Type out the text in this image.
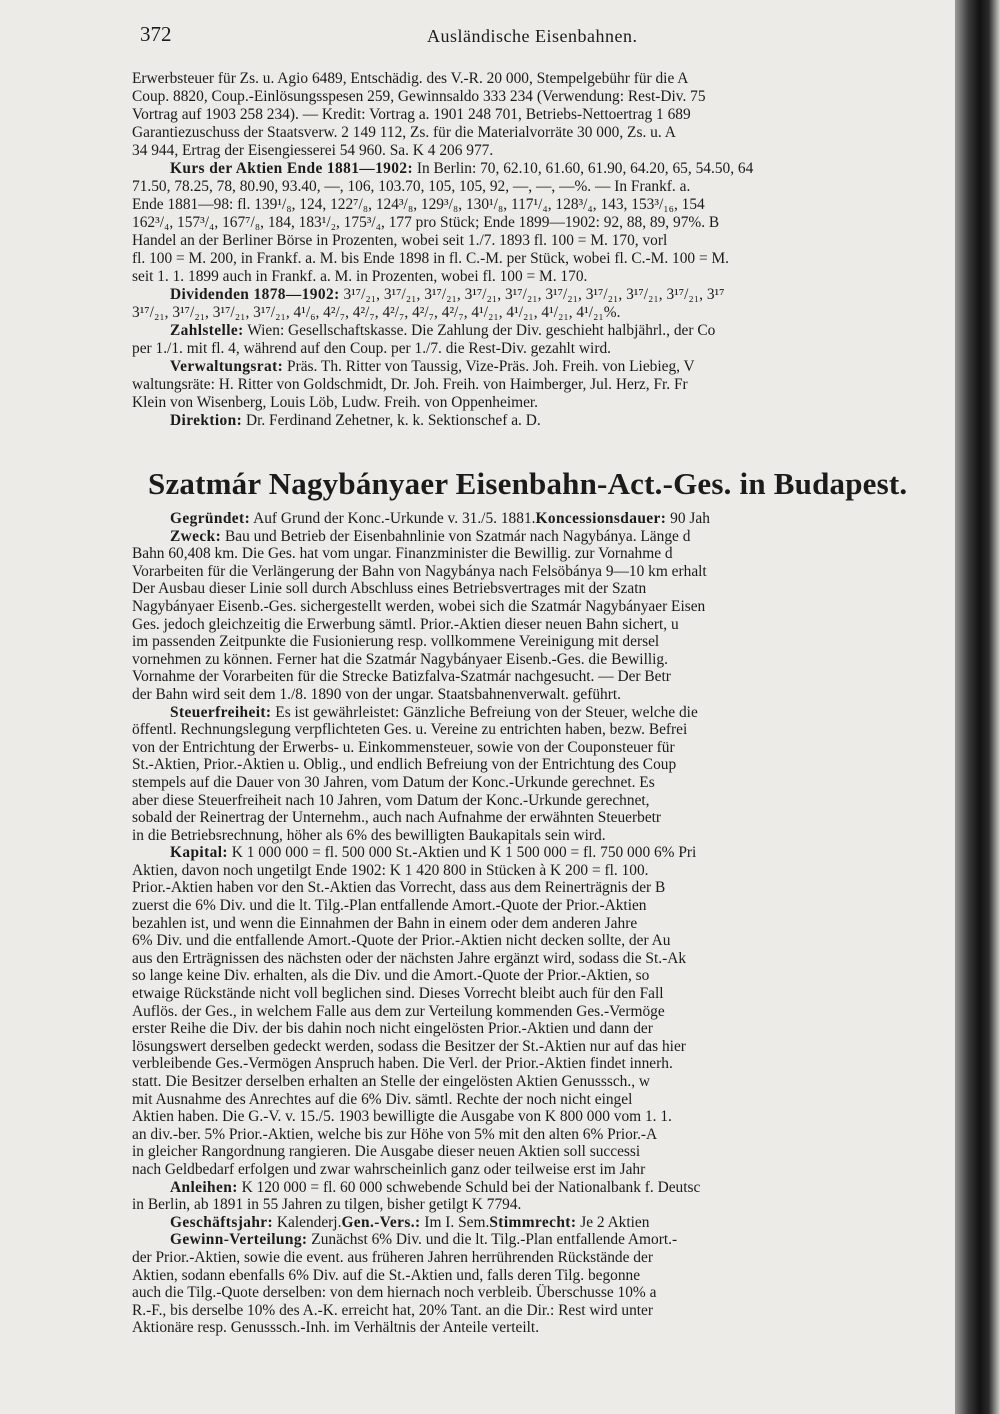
372	Ausländische Eisenbahnen.
Erwerbsteuer für Zs. u. Agio 6489, Entschädig. des V.-R. 20 000, Stempelgebühr für die A
Coup. 8820, Coup.-Einlösungsspesen 259, Gewinnsaldo 333 234 (Verwendung: Rest-Div. 75
Vortrag auf 1903 258 234). — Kredit: Vortrag a. 1901 248 701, Betriebs-Nettoertrag 1 689
Garantiezuschuss der Staatsverw. 2 149 112, Zs. für die Materialvorräte 30 000, Zs. u. A
34 944, Ertrag der Eisengiesserei 54 960. Sa. K 4 206 977.
Kurs der Aktien Ende 1881—1902: In Berlin: 70, 62.10, 61.60, 61.90, 64.20, 65, 54.50, 64
71.50, 78.25, 78, 80.90, 93.40, —, 106, 103.70, 105, 105, 92, —, —, —%. — In Frankf. a.
Ende 1881—98: fl. 139¹/₈, 124, 122⁷/₈, 124³/₈, 129³/₈, 130¹/₈, 117¹/₄, 128³/₄, 143, 153³/₁₆, 154
162³/₄, 157³/₄, 167⁷/₈, 184, 183¹/₂, 175³/₄, 177 pro Stück; Ende 1899—1902: 92, 88, 89, 97%. B
Handel an der Berliner Börse in Prozenten, wobei seit 1./7. 1893 fl. 100 = M. 170, vorl
fl. 100 = M. 200, in Frankf. a. M. bis Ende 1898 in fl. C.-M. per Stück, wobei fl. C.-M. 100 = M.
seit 1. 1. 1899 auch in Frankf. a. M. in Prozenten, wobei fl. 100 = M. 170.
Dividenden 1878—1902: 3¹⁷/₂₁, 3¹⁷/₂₁, 3¹⁷/₂₁, 3¹⁷/₂₁, 3¹⁷/₂₁, 3¹⁷/₂₁, 3¹⁷/₂₁, 3¹⁷/₂₁, 3¹⁷/₂₁, 3¹⁷
3¹⁷/₂₁, 3¹⁷/₂₁, 3¹⁷/₂₁, 3¹⁷/₂₁, 4¹/₆, 4²/₇, 4²/₇, 4²/₇, 4²/₇, 4²/₇, 4¹/₂₁, 4¹/₂₁, 4¹/₂₁, 4¹/₂₁%.
Zahlstelle: Wien: Gesellschaftskasse. Die Zahlung der Div. geschieht halbjährl., der Co
per 1./1. mit fl. 4, während auf den Coup. per 1./7. die Rest-Div. gezahlt wird.
Verwaltungsrat: Präs. Th. Ritter von Taussig, Vize-Präs. Joh. Freih. von Liebieg, V
waltungsräte: H. Ritter von Goldschmidt, Dr. Joh. Freih. von Haimberger, Jul. Herz, Fr. Fr
Klein von Wisenberg, Louis Löb, Ludw. Freih. von Oppenheimer.
Direktion: Dr. Ferdinand Zehetner, k. k. Sektionschef a. D.
Szatmár Nagybányaer Eisenbahn-Act.-Ges. in Budapest.
Gegründet: Auf Grund der Konc.-Urkunde v. 31./5. 1881.Koncessionsdauer: 90 Jah
Zweck: Bau und Betrieb der Eisenbahnlinie von Szatmár nach Nagybánya. Länge d
Bahn 60,408 km. Die Ges. hat vom ungar. Finanzminister die Bewillig. zur Vornahme d
Vorarbeiten für die Verlängerung der Bahn von Nagybánya nach Felsöbánya 9—10 km erhalt
Der Ausbau dieser Linie soll durch Abschluss eines Betriebsvertrages mit der Szatn
Nagybányaer Eisenb.-Ges. sichergestellt werden, wobei sich die Szatmár Nagybányaer Eisen
Ges. jedoch gleichzeitig die Erwerbung sämtl. Prior.-Aktien dieser neuen Bahn sichert, u
im passenden Zeitpunkte die Fusionierung resp. vollkommene Vereinigung mit dersel
vornehmen zu können. Ferner hat die Szatmár Nagybányaer Eisenb.-Ges. die Bewillig.
Vornahme der Vorarbeiten für die Strecke Batizfalva-Szatmár nachgesucht. — Der Betr
der Bahn wird seit dem 1./8. 1890 von der ungar. Staatsbahnenverwalt. geführt.
Steuerfreiheit: Es ist gewährleistet: Gänzliche Befreiung von der Steuer, welche die
öffentl. Rechnungslegung verpflichteten Ges. u. Vereine zu entrichten haben, bezw. Befrei
von der Entrichtung der Erwerbs- u. Einkommensteuer, sowie von der Couponsteuer für
St.-Aktien, Prior.-Aktien u. Oblig., und endlich Befreiung von der Entrichtung des Coup
stempels auf die Dauer von 30 Jahren, vom Datum der Konc.-Urkunde gerechnet. Es
aber diese Steuerfreiheit nach 10 Jahren, vom Datum der Konc.-Urkunde gerechnet,
sobald der Reinertrag der Unternehm., auch nach Aufnahme der erwähnten Steuerbetr
in die Betriebsrechnung, höher als 6% des bewilligten Baukapitals sein wird.
Kapital: K 1 000 000 = fl. 500 000 St.-Aktien und K 1 500 000 = fl. 750 000 6% Pri
Aktien, davon noch ungetilgt Ende 1902: K 1 420 800 in Stücken à K 200 = fl. 100.
Prior.-Aktien haben vor den St.-Aktien das Vorrecht, dass aus dem Reinerträgnis der B
zuerst die 6% Div. und die lt. Tilg.-Plan entfallende Amort.-Quote der Prior.-Aktien
bezahlen ist, und wenn die Einnahmen der Bahn in einem oder dem anderen Jahre
6% Div. und die entfallende Amort.-Quote der Prior.-Aktien nicht decken sollte, der Au
aus den Erträgnissen des nächsten oder der nächsten Jahre ergänzt wird, sodass die St.-Ak
so lange keine Div. erhalten, als die Div. und die Amort.-Quote der Prior.-Aktien, so
etwaige Rückstände nicht voll beglichen sind. Dieses Vorrecht bleibt auch für den Fall
Auflös. der Ges., in welchem Falle aus dem zur Verteilung kommenden Ges.-Vermöge
erster Reihe die Div. der bis dahin noch nicht eingelösten Prior.-Aktien und dann der
lösungswert derselben gedeckt werden, sodass die Besitzer der St.-Aktien nur auf das hier
verbleibende Ges.-Vermögen Anspruch haben. Die Verl. der Prior.-Aktien findet innerh.
statt. Die Besitzer derselben erhalten an Stelle der eingelösten Aktien Genusssch., w
mit Ausnahme des Anrechtes auf die 6% Div. sämtl. Rechte der noch nicht eingel
Aktien haben. Die G.-V. v. 15./5. 1903 bewilligte die Ausgabe von K 800 000 vom 1. 1.
an div.-ber. 5% Prior.-Aktien, welche bis zur Höhe von 5% mit den alten 6% Prior.-A
in gleicher Rangordnung rangieren. Die Ausgabe dieser neuen Aktien soll successi
nach Geldbedarf erfolgen und zwar wahrscheinlich ganz oder teilweise erst im Jahr
Anleihen: K 120 000 = fl. 60 000 schwebende Schuld bei der Nationalbank f. Deutsc
in Berlin, ab 1891 in 55 Jahren zu tilgen, bisher getilgt K 7794.
Geschäftsjahr: Kalenderj.Gen.-Vers.: Im I. Sem.Stimmrecht: Je 2 Aktien
Gewinn-Verteilung: Zunächst 6% Div. und die lt. Tilg.-Plan entfallende Amort.-
der Prior.-Aktien, sowie die event. aus früheren Jahren herrührenden Rückstände der
Aktien, sodann ebenfalls 6% Div. auf die St.-Aktien und, falls deren Tilg. begonne
auch die Tilg.-Quote derselben: von dem hiernach noch verbleib. Überschusse 10% a
R.-F., bis derselbe 10% des A.-K. erreicht hat, 20% Tant. an die Dir.: Rest wird unter
Aktionäre resp. Genusssch.-Inh. im Verhältnis der Anteile verteilt.
